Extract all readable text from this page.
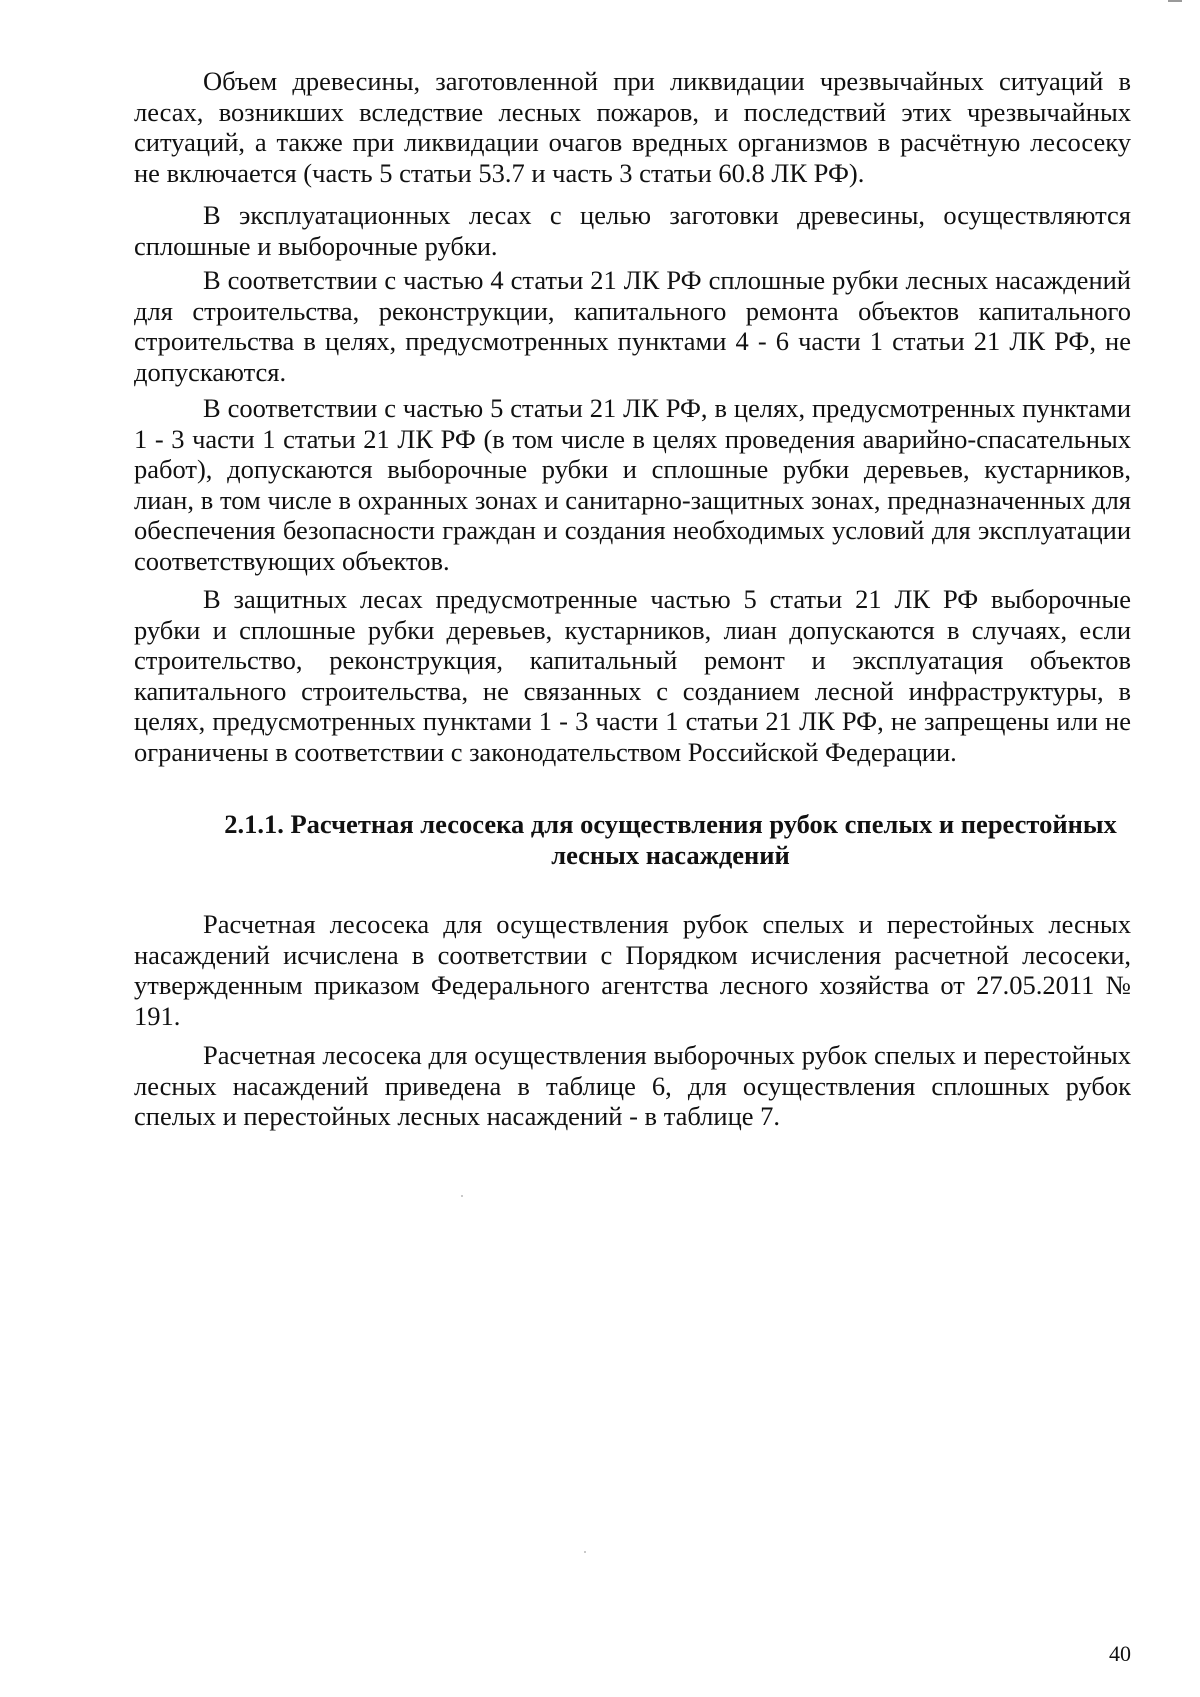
Объем древесины, заготовленной при ликвидации чрезвычайных ситуаций в лесах, возникших вследствие лесных пожаров, и последствий этих чрезвычайных ситуаций, а также при ликвидации очагов вредных организмов в расчётную лесосеку не включается (часть 5 статьи 53.7 и часть 3 статьи 60.8 ЛК РФ).

В эксплуатационных лесах с целью заготовки древесины, осуществляются сплошные и выборочные рубки.

В соответствии с частью 4 статьи 21 ЛК РФ сплошные рубки лесных насаждений для строительства, реконструкции, капитального ремонта объектов капитального строительства в целях, предусмотренных пунктами 4 - 6 части 1 статьи 21 ЛК РФ, не допускаются.

В соответствии с частью 5 статьи 21 ЛК РФ, в целях, предусмотренных пунктами 1 - 3 части 1 статьи 21 ЛК РФ (в том числе в целях проведения аварийно-спасательных работ), допускаются выборочные рубки и сплошные рубки деревьев, кустарников, лиан, в том числе в охранных зонах и санитарно-защитных зонах, предназначенных для обеспечения безопасности граждан и создания необходимых условий для эксплуатации соответствующих объектов.

В защитных лесах предусмотренные частью 5 статьи 21 ЛК РФ выборочные рубки и сплошные рубки деревьев, кустарников, лиан допускаются в случаях, если строительство, реконструкция, капитальный ремонт и эксплуатация объектов капитального строительства, не связанных с созданием лесной инфраструктуры, в целях, предусмотренных пунктами 1 - 3 части 1 статьи 21 ЛК РФ, не запрещены или не ограничены в соответствии с законодательством Российской Федерации.

2.1.1. Расчетная лесосека для осуществления рубок спелых и перестойных лесных насаждений

Расчетная лесосека для осуществления рубок спелых и перестойных лесных насаждений исчислена в соответствии с Порядком исчисления расчетной лесосеки, утвержденным приказом Федерального агентства лесного хозяйства от 27.05.2011 № 191.

Расчетная лесосека для осуществления выборочных рубок спелых и перестойных лесных насаждений приведена в таблице 6, для осуществления сплошных рубок спелых и перестойных лесных насаждений - в таблице 7.

40
